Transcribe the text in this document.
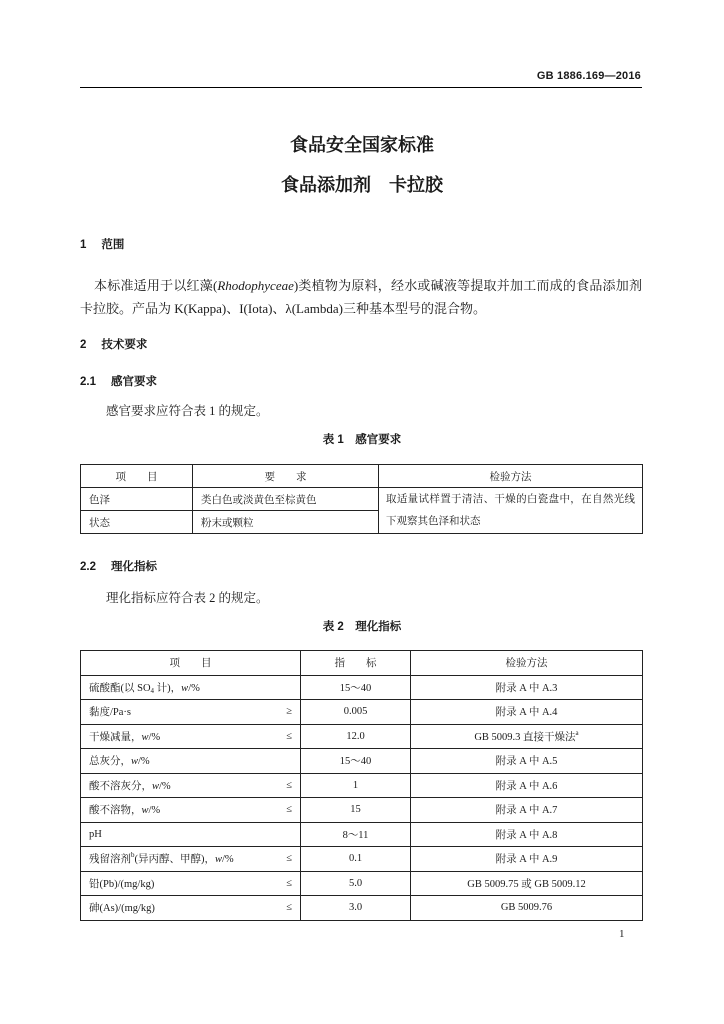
GB 1886.169—2016
食品安全国家标准
食品添加剂　卡拉胶
1 范围

本标准适用于以红藻(Rhodophyceae)类植物为原料，经水或碱液等提取并加工而成的食品添加剂卡拉胶。产品为 K(Kappa)、I(Iota)、λ(Lambda)三种基本型号的混合物。

2 技术要求
2.1 感官要求

感官要求应符合表 1 的规定。

表 1　感官要求
项　　目	要　　求	检验方法
色泽	类白色或淡黄色至棕黄色	取适量试样置于清洁、干燥的白瓷盘中，在自然光线下观察其色泽和状态
状态	粉末或颗粒	
2.2 理化指标

理化指标应符合表 2 的规定。

表 2　理化指标
项　　目	指　　标	检验方法

硫酸酯(以 $SO_4$ 计)，w/%	15～40	附录 A 中 A.3

黏度/Pa·s ≥	0.005	附录 A 中 A.4

干燥减量，w/% ≤	12.0	GB 5009.3 直接干燥法$^a$

总灰分，w/%	15～40	附录 A 中 A.5

酸不溶灰分，w/% ≤	1	附录 A 中 A.6

酸不溶物，w/% ≤	15	附录 A 中 A.7

pH	8～11	附录 A 中 A.8

残留溶剂$^b$(异丙醇、甲醇)，w/% ≤	0.1	附录 A 中 A.9

铅(Pb)/(mg/kg) ≤	5.0	GB 5009.75 或 GB 5009.12

砷(As)/(mg/kg) ≤	3.0	GB 5009.76
1
